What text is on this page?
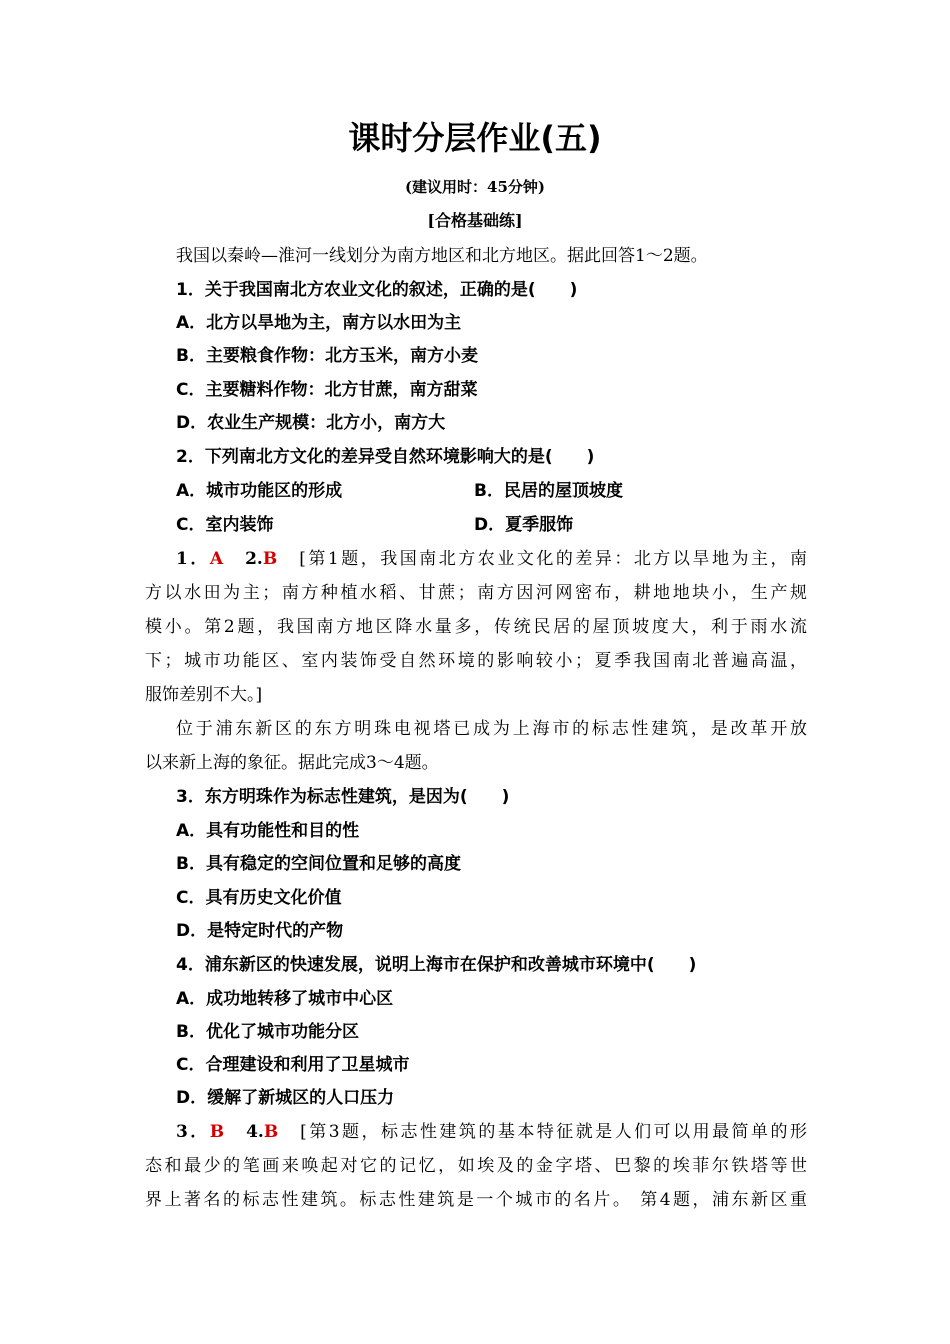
课时分层作业(五)
(建议用时：45分钟)
[合格基础练]
我国以秦岭—淮河一线划分为南方地区和北方地区。据此回答1～2题。
1．关于我国南北方农业文化的叙述，正确的是(　　)
A．北方以旱地为主，南方以水田为主
B．主要粮食作物：北方玉米，南方小麦
C．主要糖料作物：北方甘蔗，南方甜菜
D．农业生产规模：北方小，南方大
2．下列南北方文化的差异受自然环境影响大的是(　　)
A．城市功能区的形成	B．民居的屋顶坡度
C．室内装饰	D．夏季服饰
1．A　2.B　[第1题，我国南北方农业文化的差异：北方以旱地为主，南
方以水田为主；南方种植水稻、甘蔗；南方因河网密布，耕地地块小，生产规
模小。第2题，我国南方地区降水量多，传统民居的屋顶坡度大，利于雨水流
下；城市功能区、室内装饰受自然环境的影响较小；夏季我国南北普遍高温，
服饰差别不大。]
位于浦东新区的东方明珠电视塔已成为上海市的标志性建筑，是改革开放
以来新上海的象征。据此完成3～4题。
3．东方明珠作为标志性建筑，是因为(　　)
A．具有功能性和目的性
B．具有稳定的空间位置和足够的高度
C．具有历史文化价值
D．是特定时代的产物
4．浦东新区的快速发展，说明上海市在保护和改善城市环境中(　　)
A．成功地转移了城市中心区
B．优化了城市功能分区
C．合理建设和利用了卫星城市
D．缓解了新城区的人口压力
3．B　4.B　[第3题，标志性建筑的基本特征就是人们可以用最简单的形
态和最少的笔画来唤起对它的记忆，如埃及的金字塔、巴黎的埃菲尔铁塔等世
界上著名的标志性建筑。标志性建筑是一个城市的名片。 第4题，浦东新区重
